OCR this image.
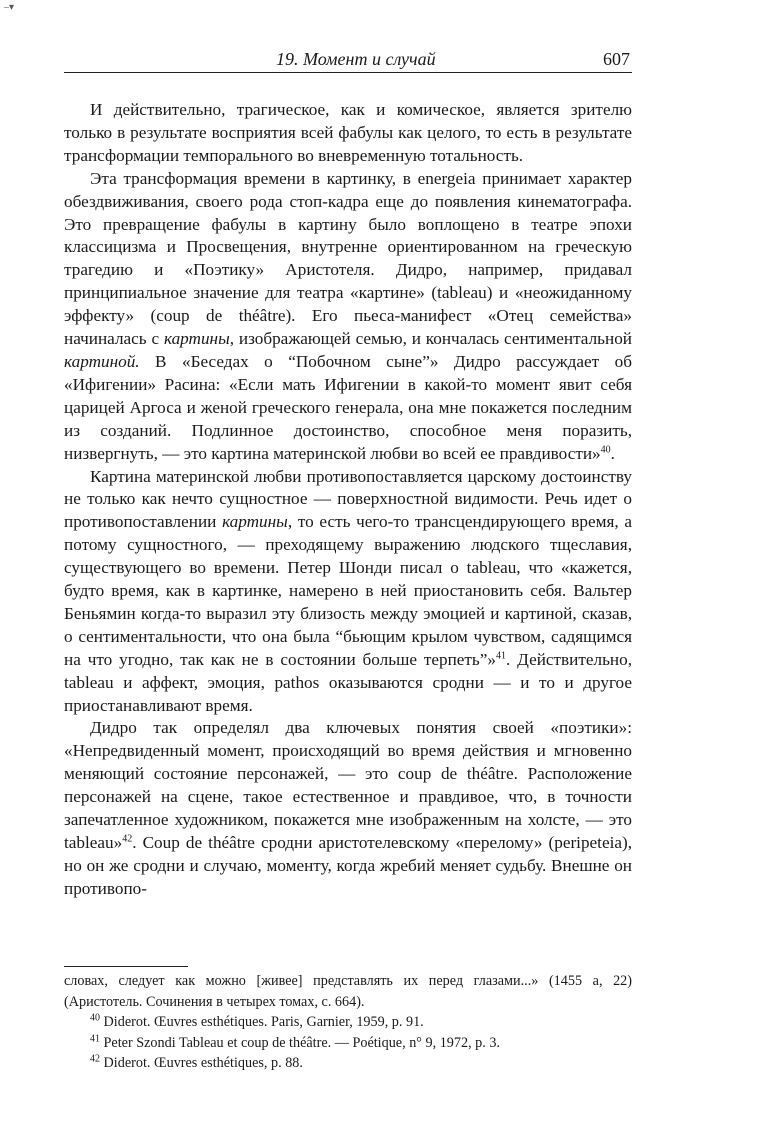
–▾
19. Момент и случай	607

И действительно, трагическое, как и комическое, является зрителю только в результате восприятия всей фабулы как целого, то есть в результате трансформации темпорального во вневременную тотальность.

Эта трансформация времени в картинку, в energeia принимает характер обездвиживания, своего рода стоп-кадра еще до появления кинематографа. Это превращение фабулы в картину было воплощено в театре эпохи классицизма и Просвещения, внутренне ориентированном на греческую трагедию и «Поэтику» Аристотеля. Дидро, например, придавал принципиальное значение для театра «картине» (tableau) и «неожиданному эффекту» (coup de théâtre). Его пьеса-манифест «Отец семейства» начиналась с картины, изображающей семью, и кончалась сентиментальной картиной. В «Беседах о “Побочном сыне”» Дидро рассуждает об «Ифигении» Расина: «Если мать Ифигении в какой-то момент явит себя царицей Аргоса и женой греческого генерала, она мне покажется последним из созданий. Подлинное достоинство, способное меня поразить, низвергнуть, — это картина материнской любви во всей ее правдивости»$^{40}$.

Картина материнской любви противопоставляется царскому достоинству не только как нечто сущностное — поверхностной видимости. Речь идет о противопоставлении картины, то есть чего-то трансцендирующего время, а потому сущностного, — преходящему выражению людского тщеславия, существующего во времени. Петер Шонди писал о tableau, что «кажется, будто время, как в картинке, намерено в ней приостановить себя. Вальтер Беньямин когда-то выразил эту близость между эмоцией и картиной, сказав, о сентиментальности, что она была “бьющим крылом чувством, садящимся на что угодно, так как не в состоянии больше терпеть”»$^{41}$. Действительно, tableau и аффект, эмоция, pathos оказываются сродни — и то и другое приостанавливают время.

Дидро так определял два ключевых понятия своей «поэтики»: «Непредвиденный момент, происходящий во время действия и мгновенно меняющий состояние персонажей, — это coup de théâtre. Расположение персонажей на сцене, такое естественное и правдивое, что, в точности запечатленное художником, покажется мне изображенным на холсте, — это tableau»$^{42}$. Coup de théâtre сродни аристотелевскому «перелому» (peripeteia), но он же сродни и случаю, моменту, когда жребий меняет судьбу. Внешне он противопо-

словах, следует как можно [живее] представлять их перед глазами...» (1455 а, 22) (Аристотель. Сочинения в четырех томах, с. 664).

$^{40}$ Diderot. Œuvres esthétiques. Paris, Garnier, 1959, p. 91.

$^{41}$ Peter Szondi Tableau et coup de théâtre. — Poétique, n° 9, 1972, p. 3.

$^{42}$ Diderot. Œuvres esthétiques, p. 88.
